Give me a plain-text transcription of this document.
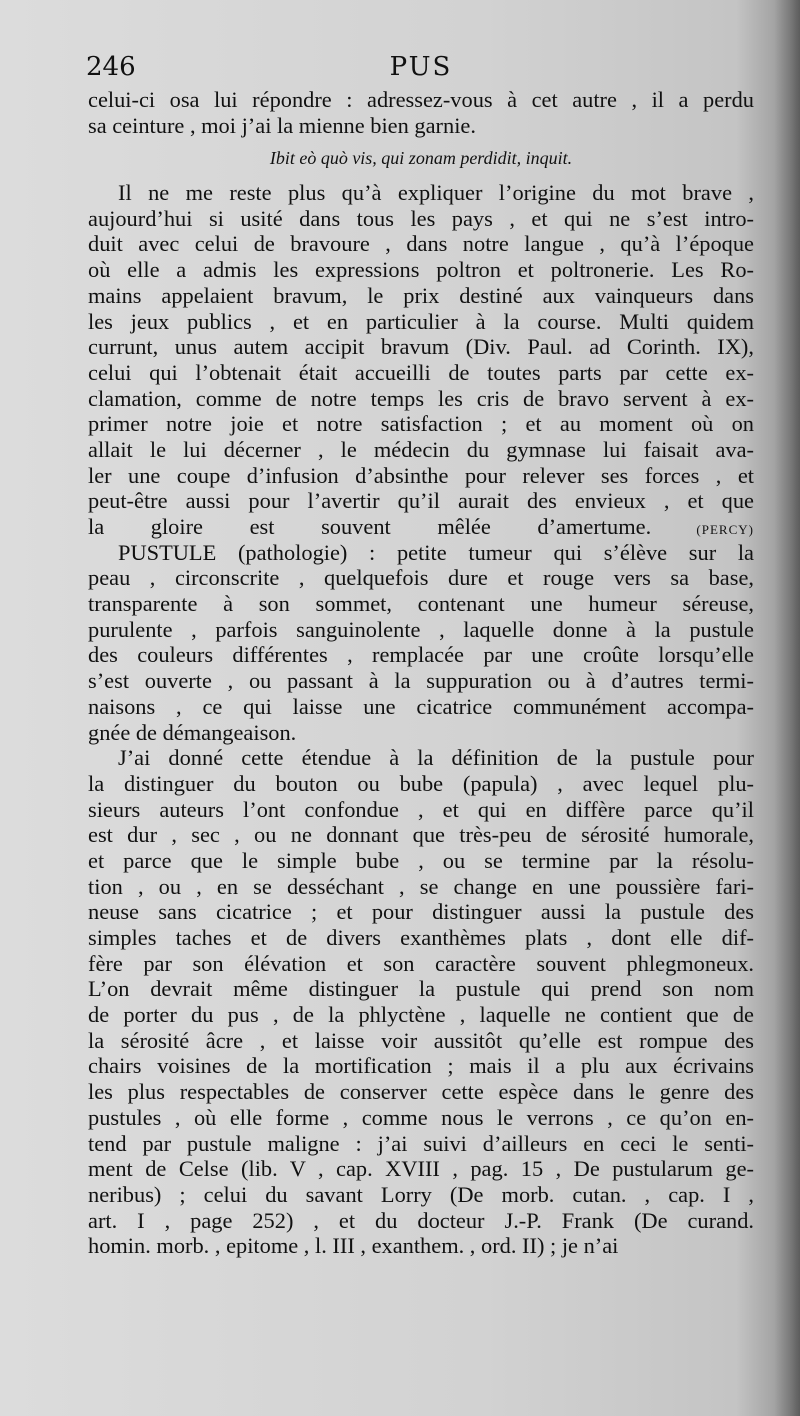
246	PUS
celui-ci osa lui répondre : adressez-vous à cet autre , il a perdu
sa ceinture , moi j’ai la mienne bien garnie.
Ibit eò quò vis, qui zonam perdidit, inquit.
Il ne me reste plus qu’à expliquer l’origine du mot brave ,
aujourd’hui si usité dans tous les pays , et qui ne s’est intro-
duit avec celui de bravoure , dans notre langue , qu’à l’époque
où elle a admis les expressions poltron et poltronerie. Les Ro-
mains appelaient bravum, le prix destiné aux vainqueurs dans
les jeux publics , et en particulier à la course. Multi quidem
currunt, unus autem accipit bravum (Div. Paul. ad Corinth. IX),
celui qui l’obtenait était accueilli de toutes parts par cette ex-
clamation, comme de notre temps les cris de bravo servent à ex-
primer notre joie et notre satisfaction ; et au moment où on
allait le lui décerner , le médecin du gymnase lui faisait ava-
ler une coupe d’infusion d’absinthe pour relever ses forces , et
peut-être aussi pour l’avertir qu’il aurait des envieux , et que
la gloire est souvent mêlée d’amertume. (PERCY)
PUSTULE (pathologie) : petite tumeur qui s’élève sur la
peau , circonscrite , quelquefois dure et rouge vers sa base,
transparente à son sommet, contenant une humeur séreuse,
purulente , parfois sanguinolente , laquelle donne à la pustule
des couleurs différentes , remplacée par une croûte lorsqu’elle
s’est ouverte , ou passant à la suppuration ou à d’autres termi-
naisons , ce qui laisse une cicatrice communément accompa-
gnée de démangeaison.
J’ai donné cette étendue à la définition de la pustule pour
la distinguer du bouton ou bube (papula) , avec lequel plu-
sieurs auteurs l’ont confondue , et qui en diffère parce qu’il
est dur , sec , ou ne donnant que très-peu de sérosité humorale,
et parce que le simple bube , ou se termine par la résolu-
tion , ou , en se desséchant , se change en une poussière fari-
neuse sans cicatrice ; et pour distinguer aussi la pustule des
simples taches et de divers exanthèmes plats , dont elle dif-
fère par son élévation et son caractère souvent phlegmoneux.
L’on devrait même distinguer la pustule qui prend son nom
de porter du pus , de la phlyctène , laquelle ne contient que de
la sérosité âcre , et laisse voir aussitôt qu’elle est rompue des
chairs voisines de la mortification ; mais il a plu aux écrivains
les plus respectables de conserver cette espèce dans le genre des
pustules , où elle forme , comme nous le verrons , ce qu’on en-
tend par pustule maligne : j’ai suivi d’ailleurs en ceci le senti-
ment de Celse (lib. V , cap. XVIII , pag. 15 , De pustularum ge-
neribus) ; celui du savant Lorry (De morb. cutan. , cap. I ,
art. I , page 252) , et du docteur J.-P. Frank (De curand.
homin. morb. , epitome , l. III , exanthem. , ord. II) ; je n’ai
